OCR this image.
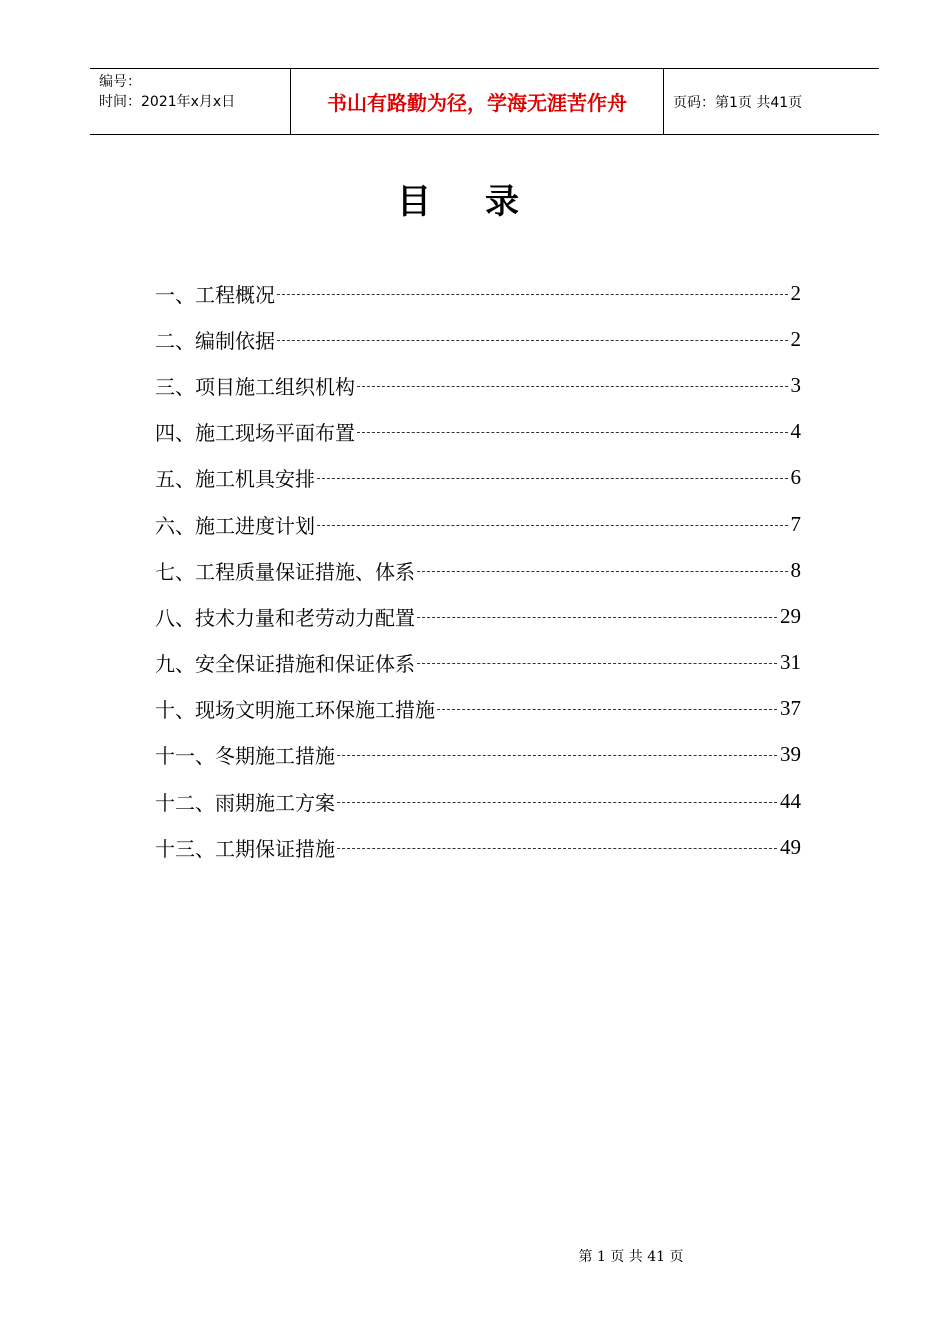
编号：
时间：2021年x月x日	书山有路勤为径，学海无涯苦作舟	页码：第1页 共41页
目录
一、工程概况	2
二、编制依据	2
三、项目施工组织机构	3
四、施工现场平面布置	4
五、施工机具安排	6
六、施工进度计划	7
七、工程质量保证措施、体系	8
八、技术力量和老劳动力配置	29
九、安全保证措施和保证体系	31
十、现场文明施工环保施工措施	37
十一、冬期施工措施	39
十二、雨期施工方案	44
十三、工期保证措施	49
第 1 页 共 41 页
